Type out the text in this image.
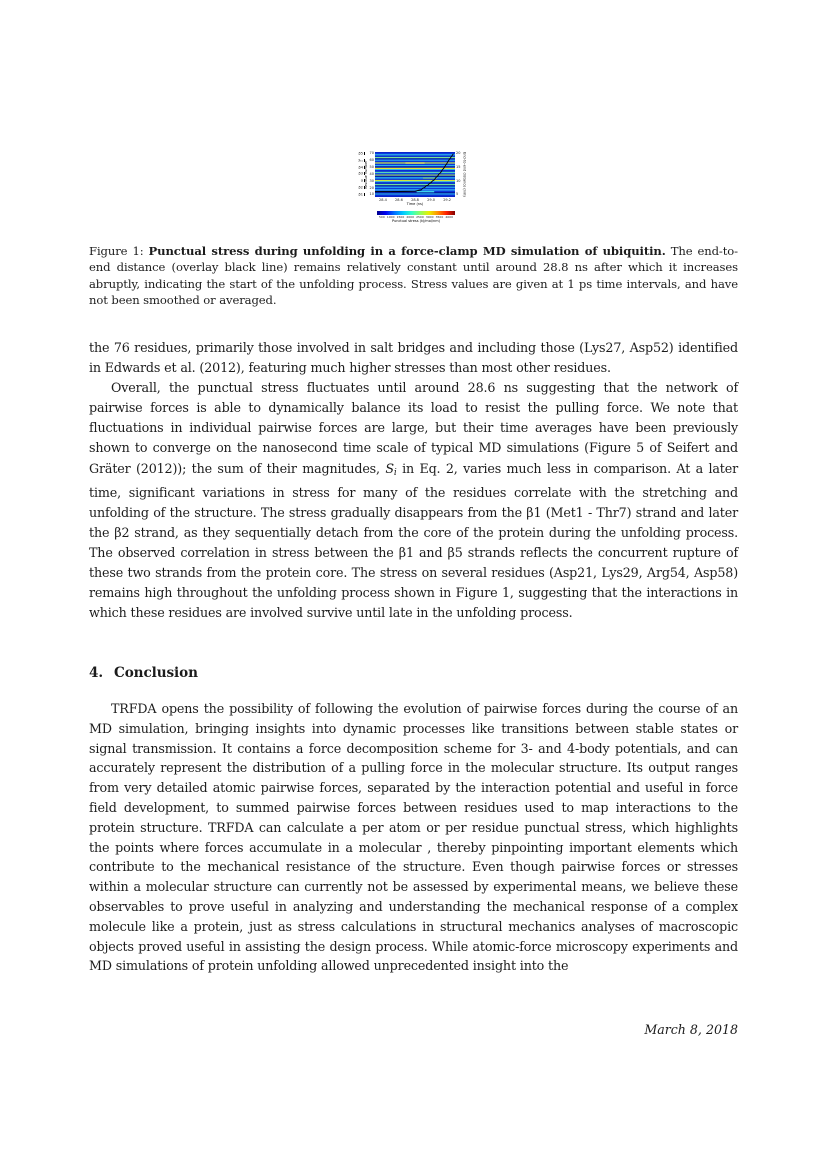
β5
3₁₀
β4
β3
α
β2
β1
Residue number
70
60
50
40
30
20
10
20
15
10
5	End-to-end distance (nm)
28.4 28.6 28.8 29.0 29.2
Time (ns)
500 1000 1500 2000 2500 3000 3500 4000
Punctual stress (kJ/mol/nm)
Figure 1: Punctual stress during unfolding in a force-clamp MD simulation of ubiquitin. The end-to-end distance (overlay black line) remains relatively constant until around 28.8 ns after which it increases abruptly, indicating the start of the unfolding process. Stress values are given at 1 ps time intervals, and have not been smoothed or averaged.

the 76 residues, primarily those involved in salt bridges and including those (Lys27, Asp52) identified in Edwards et al. (2012), featuring much higher stresses than most other residues.

Overall, the punctual stress fluctuates until around 28.6 ns suggesting that the network of pairwise forces is able to dynamically balance its load to resist the pulling force. We note that fluctuations in individual pairwise forces are large, but their time averages have been previously shown to converge on the nanosecond time scale of typical MD simulations (Figure 5 of Seifert and Gräter (2012)); the sum of their magnitudes, Si in Eq. 2, varies much less in comparison. At a later time, significant variations in stress for many of the residues correlate with the stretching and unfolding of the structure. The stress gradually disappears from the β1 (Met1 - Thr7) strand and later the β2 strand, as they sequentially detach from the core of the protein during the unfolding process. The observed correlation in stress between the β1 and β5 strands reflects the concurrent rupture of these two strands from the protein core. The stress on several residues (Asp21, Lys29, Arg54, Asp58) remains high throughout the unfolding process shown in Figure 1, suggesting that the interactions in which these residues are involved survive until late in the unfolding process.

4. Conclusion

TRFDA opens the possibility of following the evolution of pairwise forces during the course of an MD simulation, bringing insights into dynamic processes like transitions between stable states or signal transmission. It contains a force decomposition scheme for 3- and 4-body potentials, and can accurately represent the distribution of a pulling force in the molecular structure. Its output ranges from very detailed atomic pairwise forces, separated by the interaction potential and useful in force field development, to summed pairwise forces between residues used to map interactions to the protein structure. TRFDA can calculate a per atom or per residue punctual stress, which highlights the points where forces accumulate in a molecular , thereby pinpointing important elements which contribute to the mechanical resistance of the structure. Even though pairwise forces or stresses within a molecular structure can currently not be assessed by experimental means, we believe these observables to prove useful in analyzing and understanding the mechanical response of a complex molecule like a protein, just as stress calculations in structural mechanics analyses of macroscopic objects proved useful in assisting the design process. While atomic-force microscopy experiments and MD simulations of protein unfolding allowed unprecedented insight into the

March 8, 2018
